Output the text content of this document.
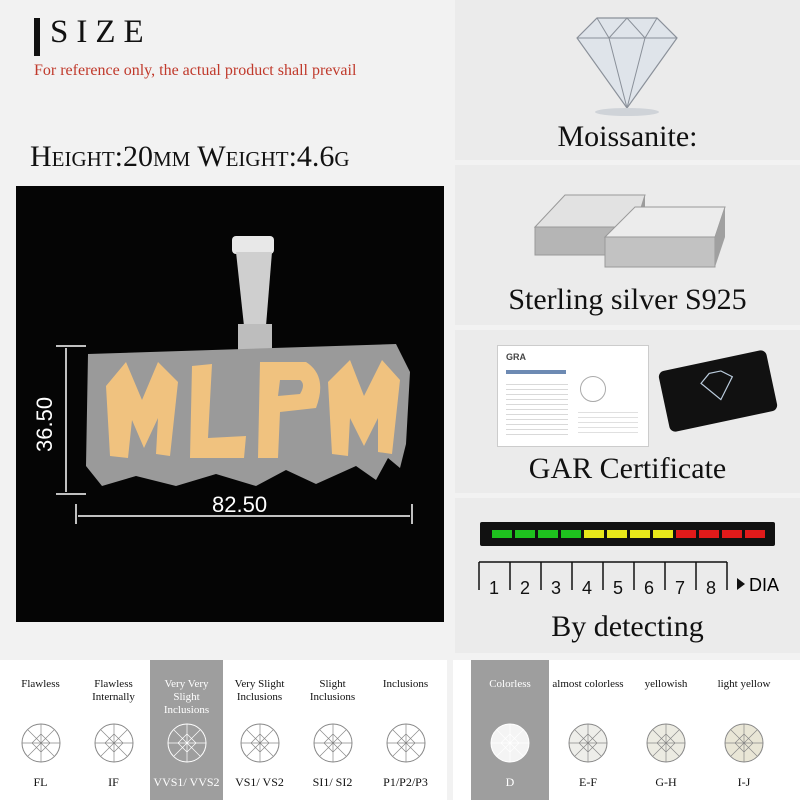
SIZE
For reference only, the actual product shall prevail
Height:20mm Weight:4.6g
36.50
82.50
Moissanite:
Sterling silver S925
GRA
GAR Certificate
1 2 3 4 5 6 7 8 DIA
By detecting
Flawless
FL
Flawless Internally
IF
Very Very Slight Inclusions
VVS1/ VVS2
Very Slight Inclusions
VS1/ VS2
Slight Inclusions
SI1/ SI2
Inclusions
P1/P2/P3
Colorless
D
almost colorless
E-F
yellowish
G-H
light yellow
I-J
